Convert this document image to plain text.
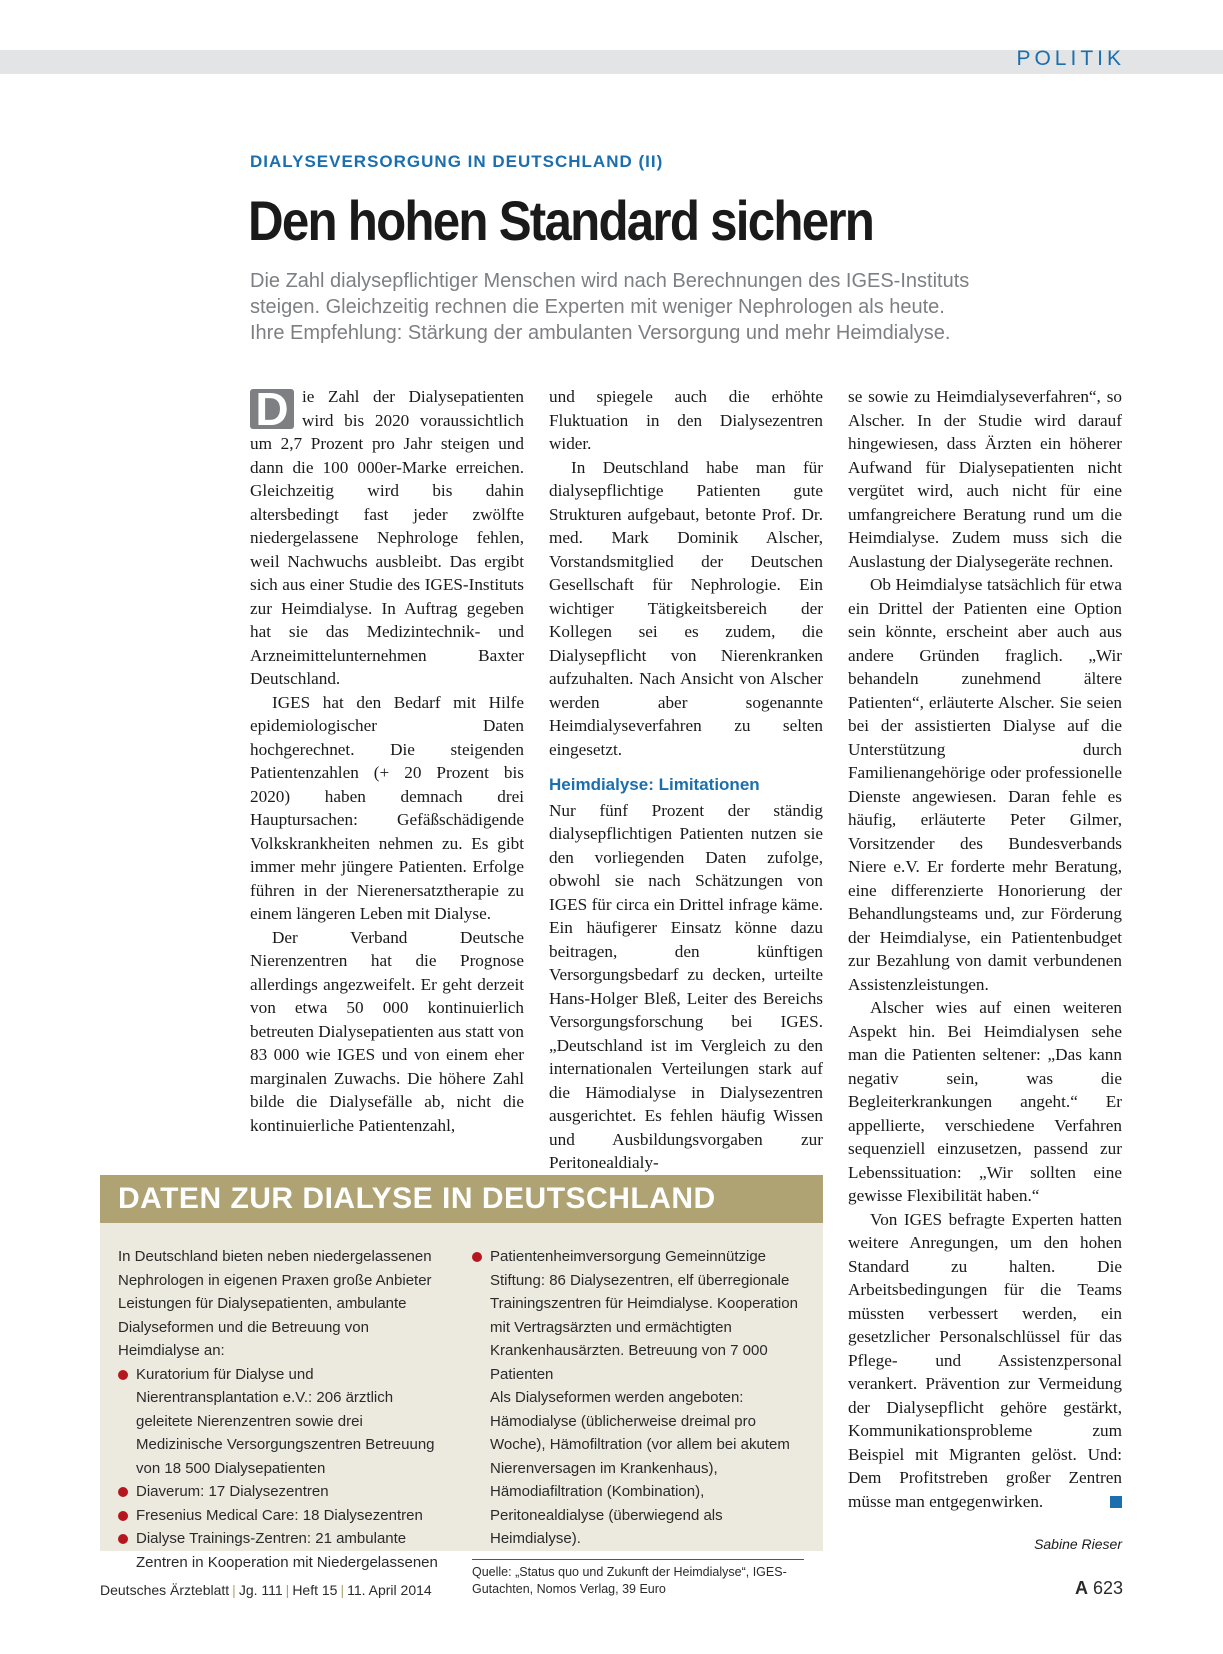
POLITIK
DIALYSEVERSORGUNG IN DEUTSCHLAND (II)
Den hohen Standard sichern
Die Zahl dialysepflichtiger Menschen wird nach Berechnungen des IGES-Instituts
steigen. Gleichzeitig rechnen die Experten mit weniger Nephrologen als heute.
Ihre Empfehlung: Stärkung der ambulanten Versorgung und mehr Heimdialyse.

D ie Zahl der Dialysepatienten wird bis 2020 voraussichtlich um 2,7 Prozent pro Jahr steigen und dann die 100 000er-Marke erreichen. Gleichzeitig wird bis dahin altersbedingt fast jeder zwölfte niedergelassene Nephrologe fehlen, weil Nachwuchs ausbleibt. Das ergibt sich aus einer Studie des IGES-Instituts zur Heimdialyse. In Auftrag gegeben hat sie das Medizintechnik- und Arzneimittelunternehmen Baxter Deutschland.

IGES hat den Bedarf mit Hilfe epidemiologischer Daten hochgerechnet. Die steigenden Patientenzahlen (+ 20 Prozent bis 2020) haben demnach drei Hauptursachen: Gefäßschädigende Volkskrankheiten nehmen zu. Es gibt immer mehr jüngere Patienten. Erfolge führen in der Nierenersatztherapie zu einem längeren Leben mit Dialyse.

Der Verband Deutsche Nierenzentren hat die Prognose allerdings angezweifelt. Er geht derzeit von etwa 50 000 kontinuierlich betreuten Dialysepatienten aus statt von 83 000 wie IGES und von einem eher marginalen Zuwachs. Die höhere Zahl bilde die Dialysefälle ab, nicht die kontinuierliche Patientenzahl,

und spiegele auch die erhöhte Fluktuation in den Dialysezentren wider.

In Deutschland habe man für dialysepflichtige Patienten gute Strukturen aufgebaut, betonte Prof. Dr. med. Mark Dominik Alscher, Vorstandsmitglied der Deutschen Gesellschaft für Nephrologie. Ein wichtiger Tätigkeitsbereich der Kollegen sei es zudem, die Dialysepflicht von Nierenkranken aufzuhalten. Nach Ansicht von Alscher werden aber sogenannte Heimdialyseverfahren zu selten eingesetzt.

Heimdialyse: Limitationen

Nur fünf Prozent der ständig dialysepflichtigen Patienten nutzen sie den vorliegenden Daten zufolge, obwohl sie nach Schätzungen von IGES für circa ein Drittel infrage käme. Ein häufigerer Einsatz könne dazu beitragen, den künftigen Versorgungsbedarf zu decken, urteilte Hans-Holger Bleß, Leiter des Bereichs Versorgungsforschung bei IGES. „Deutschland ist im Vergleich zu den internationalen Verteilungen stark auf die Hämodialyse in Dialysezentren ausgerichtet. Es fehlen häufig Wissen und Ausbildungsvorgaben zur Peritonealdialy-

se sowie zu Heimdialyseverfahren“, so Alscher. In der Studie wird darauf hingewiesen, dass Ärzten ein höherer Aufwand für Dialysepatienten nicht vergütet wird, auch nicht für eine umfangreichere Beratung rund um die Heimdialyse. Zudem muss sich die Auslastung der Dialysegeräte rechnen.

Ob Heimdialyse tatsächlich für etwa ein Drittel der Patienten eine Option sein könnte, erscheint aber auch aus andere Gründen fraglich. „Wir behandeln zunehmend ältere Patienten“, erläuterte Alscher. Sie seien bei der assistierten Dialyse auf die Unterstützung durch Familienangehörige oder professionelle Dienste angewiesen. Daran fehle es häufig, erläuterte Peter Gilmer, Vorsitzender des Bundesverbands Niere e.V. Er forderte mehr Beratung, eine differenzierte Honorierung der Behandlungsteams und, zur Förderung der Heimdialyse, ein Patientenbudget zur Bezahlung von damit verbundenen Assistenzleistungen.

Alscher wies auf einen weiteren Aspekt hin. Bei Heimdialysen sehe man die Patienten seltener: „Das kann negativ sein, was die Begleiterkrankungen angeht.“ Er appellierte, verschiedene Verfahren sequenziell einzusetzen, passend zur Lebenssituation: „Wir sollten eine gewisse Flexibilität haben.“

Von IGES befragte Experten hatten weitere Anregungen, um den hohen Standard zu halten. Die Arbeitsbedingungen für die Teams müssten verbessert werden, ein gesetzlicher Personalschlüssel für das Pflege- und Assistenzpersonal verankert. Prävention zur Vermeidung der Dialysepflicht gehöre gestärkt, Kommunikationsprobleme zum Beispiel mit Migranten gelöst. Und: Dem Profitstreben großer Zentren müsse man entgegenwirken.

Sabine Rieser
DATEN ZUR DIALYSE IN DEUTSCHLAND
In Deutschland bieten neben niedergelassenen Nephrologen in eigenen Praxen große Anbieter Leistungen für Dialysepatienten, ambulante Dialyseformen und die Betreuung von Heimdialyse an:
Kuratorium für Dialyse und Nierentransplantation e.V.: 206 ärztlich geleitete Nierenzentren sowie drei Medizinische Versorgungszentren Betreuung von 18 500 Dialysepatienten
Diaverum: 17 Dialysezentren
Fresenius Medical Care: 18 Dialysezentren
Dialyse Trainings-Zentren: 21 ambulante Zentren in Kooperation mit Niedergelassenen
Patientenheimversorgung Gemeinnützige Stiftung: 86 Dialysezentren, elf überregionale Trainingszentren für Heimdialyse. Kooperation mit Vertragsärzten und ermächtigten Krankenhausärzten. Betreuung von 7 000 Patienten
Als Dialyseformen werden angeboten: Hämodialyse (üblicherweise dreimal pro Woche), Hämofiltration (vor allem bei akutem Nierenversagen im Krankenhaus), Hämodiafiltration (Kombination), Peritonealdialyse (überwiegend als Heimdialyse).
Quelle: „Status quo und Zukunft der Heimdialyse“, IGES-Gutachten, Nomos Verlag, 39 Euro
Deutsches Ärzteblatt | Jg. 111 | Heft 15 | 11. April 2014	A 623
